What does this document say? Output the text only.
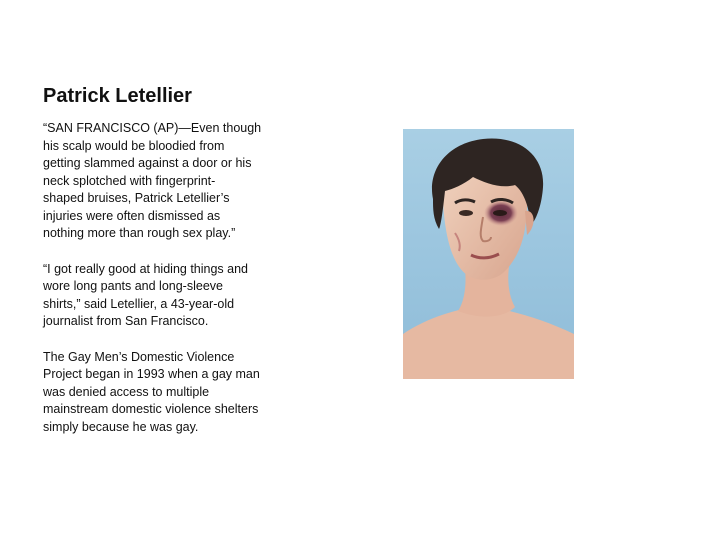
Patrick Letellier

“SAN FRANCISCO (AP)—Even though
his scalp would be bloodied from
getting slammed against a door or his
neck splotched with fingerprint-
shaped bruises, Patrick Letellier’s
injuries were often dismissed as
nothing more than rough sex play.”

“I got really good at hiding things and
wore long pants and long-sleeve
shirts,” said Letellier, a 43-year-old
journalist from San Francisco.

The Gay Men’s Domestic Violence
Project began in 1993 when a gay man
was denied access to multiple
mainstream domestic violence shelters
simply because he was gay.
